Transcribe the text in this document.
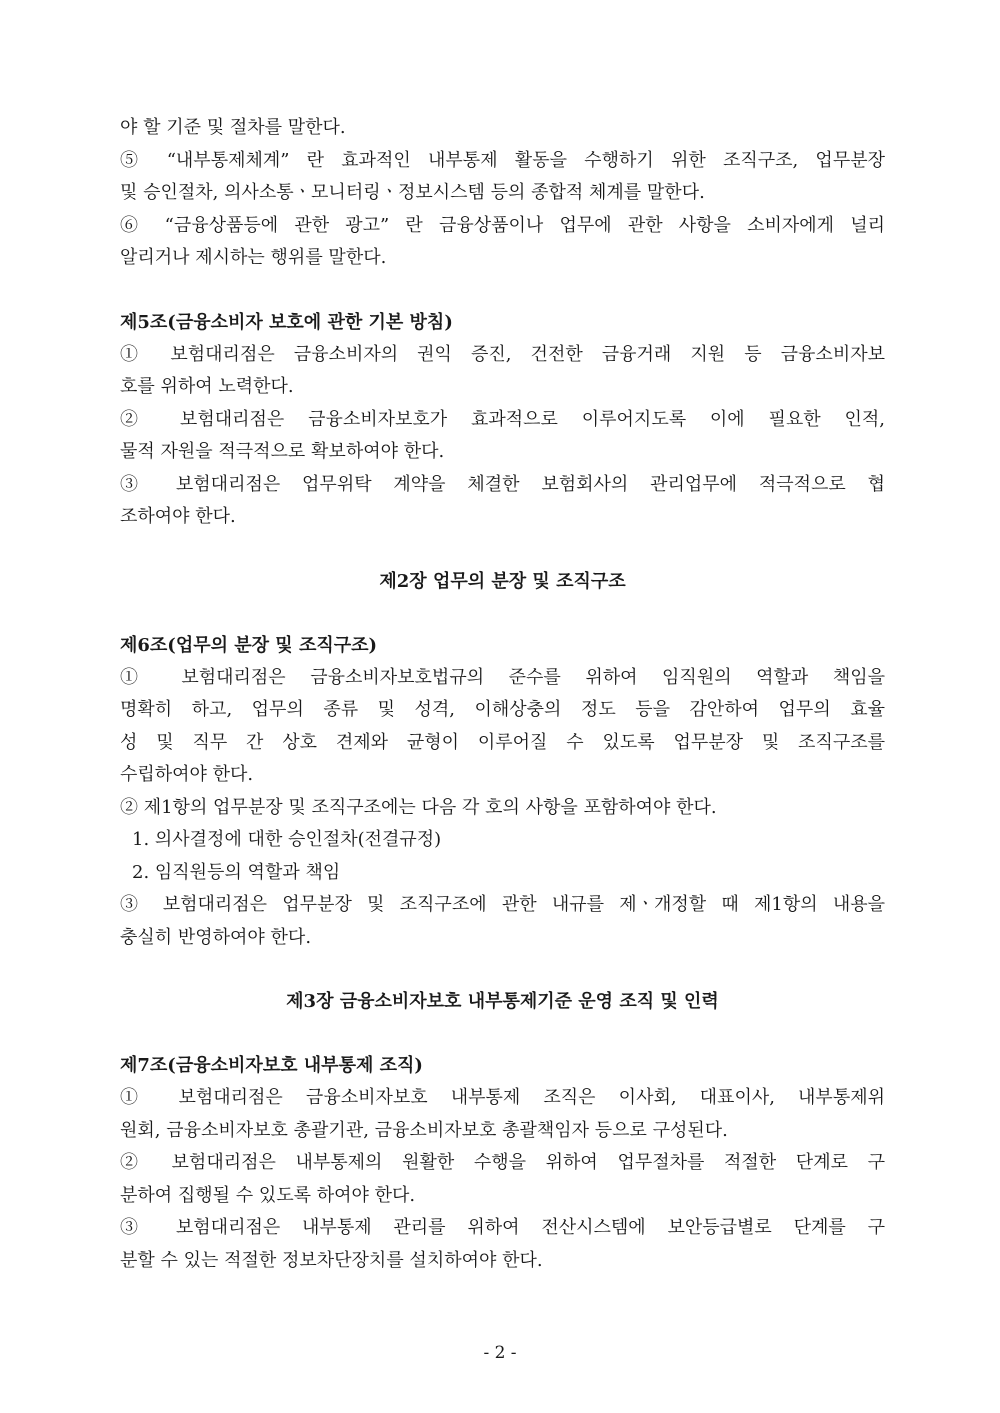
야 할 기준 및 절차를 말한다.

⑤ “내부통제체계” 란 효과적인 내부통제 활동을 수행하기 위한 조직구조, 업무분장

및 승인절차, 의사소통ㆍ모니터링ㆍ정보시스템 등의 종합적 체계를 말한다.

⑥ “금융상품등에 관한 광고” 란 금융상품이나 업무에 관한 사항을 소비자에게 널리

알리거나 제시하는 행위를 말한다.

제5조(금융소비자 보호에 관한 기본 방침)

① 보험대리점은 금융소비자의 권익 증진, 건전한 금융거래 지원 등 금융소비자보

호를 위하여 노력한다.

② 보험대리점은 금융소비자보호가 효과적으로 이루어지도록 이에 필요한 인적,

물적 자원을 적극적으로 확보하여야 한다.

③ 보험대리점은 업무위탁 계약을 체결한 보험회사의 관리업무에 적극적으로 협

조하여야 한다.

제2장 업무의 분장 및 조직구조

제6조(업무의 분장 및 조직구조)

① 보험대리점은 금융소비자보호법규의 준수를 위하여 임직원의 역할과 책임을

명확히 하고, 업무의 종류 및 성격, 이해상충의 정도 등을 감안하여 업무의 효율

성 및 직무 간 상호 견제와 균형이 이루어질 수 있도록 업무분장 및 조직구조를

수립하여야 한다.

② 제1항의 업무분장 및 조직구조에는 다음 각 호의 사항을 포함하여야 한다.

1. 의사결정에 대한 승인절차(전결규정)

2. 임직원등의 역할과 책임

③ 보험대리점은 업무분장 및 조직구조에 관한 내규를 제ㆍ개정할 때 제1항의 내용을

충실히 반영하여야 한다.

제3장 금융소비자보호 내부통제기준 운영 조직 및 인력

제7조(금융소비자보호 내부통제 조직)

① 보험대리점은 금융소비자보호 내부통제 조직은 이사회, 대표이사, 내부통제위

원회, 금융소비자보호 총괄기관, 금융소비자보호 총괄책임자 등으로 구성된다.

② 보험대리점은 내부통제의 원활한 수행을 위하여 업무절차를 적절한 단계로 구

분하여 집행될 수 있도록 하여야 한다.

③ 보험대리점은 내부통제 관리를 위하여 전산시스템에 보안등급별로 단계를 구

분할 수 있는 적절한 정보차단장치를 설치하여야 한다.

- 2 -
